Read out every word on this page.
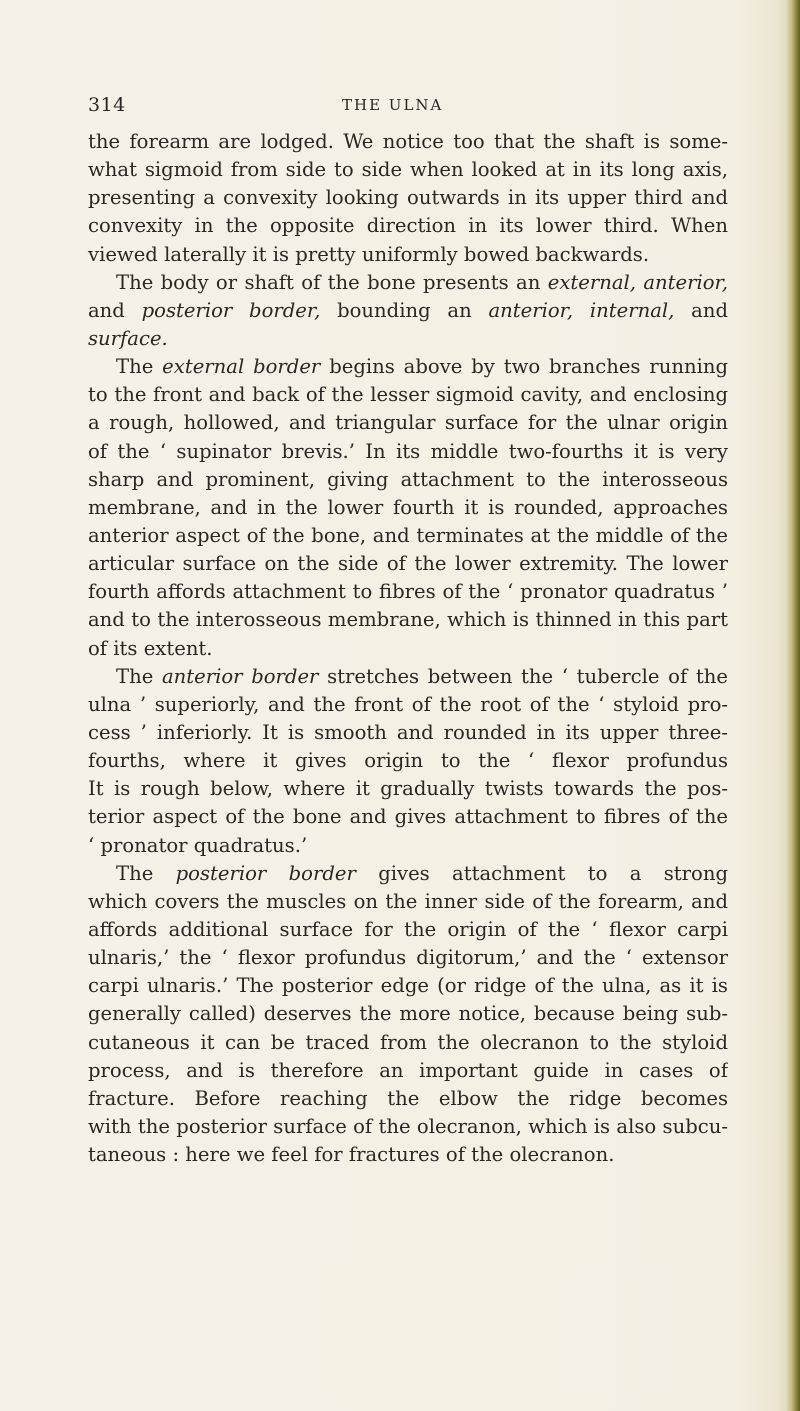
314	THE ULNA
the forearm are lodged. We notice too that the shaft is some-
what sigmoid from side to side when looked at in its long axis,
presenting a convexity looking outwards in its upper third and
convexity in the opposite direction in its lower third. When
viewed laterally it is pretty uniformly bowed backwards.
The body or shaft of the bone presents an external, anterior,
and posterior border, bounding an anterior, internal, and
surface.
The external border begins above by two branches running
to the front and back of the lesser sigmoid cavity, and enclosing
a rough, hollowed, and triangular surface for the ulnar origin
of the ‘ supinator brevis.’ In its middle two-fourths it is very
sharp and prominent, giving attachment to the interosseous
membrane, and in the lower fourth it is rounded, approaches
anterior aspect of the bone, and terminates at the middle of the
articular surface on the side of the lower extremity. The lower
fourth affords attachment to fibres of the ‘ pronator quadratus ’
and to the interosseous membrane, which is thinned in this part
of its extent.
The anterior border stretches between the ‘ tubercle of the
ulna ’ superiorly, and the front of the root of the ‘ styloid pro-
cess ’ inferiorly. It is smooth and rounded in its upper three-
fourths, where it gives origin to the ‘ flexor profundus
It is rough below, where it gradually twists towards the pos-
terior aspect of the bone and gives attachment to fibres of the
‘ pronator quadratus.’
The posterior border gives attachment to a strong
which covers the muscles on the inner side of the forearm, and
affords additional surface for the origin of the ‘ flexor carpi
ulnaris,’ the ‘ flexor profundus digitorum,’ and the ‘ extensor
carpi ulnaris.’ The posterior edge (or ridge of the ulna, as it is
generally called) deserves the more notice, because being sub-
cutaneous it can be traced from the olecranon to the styloid
process, and is therefore an important guide in cases of
fracture. Before reaching the elbow the ridge becomes
with the posterior surface of the olecranon, which is also subcu-
taneous : here we feel for fractures of the olecranon.
